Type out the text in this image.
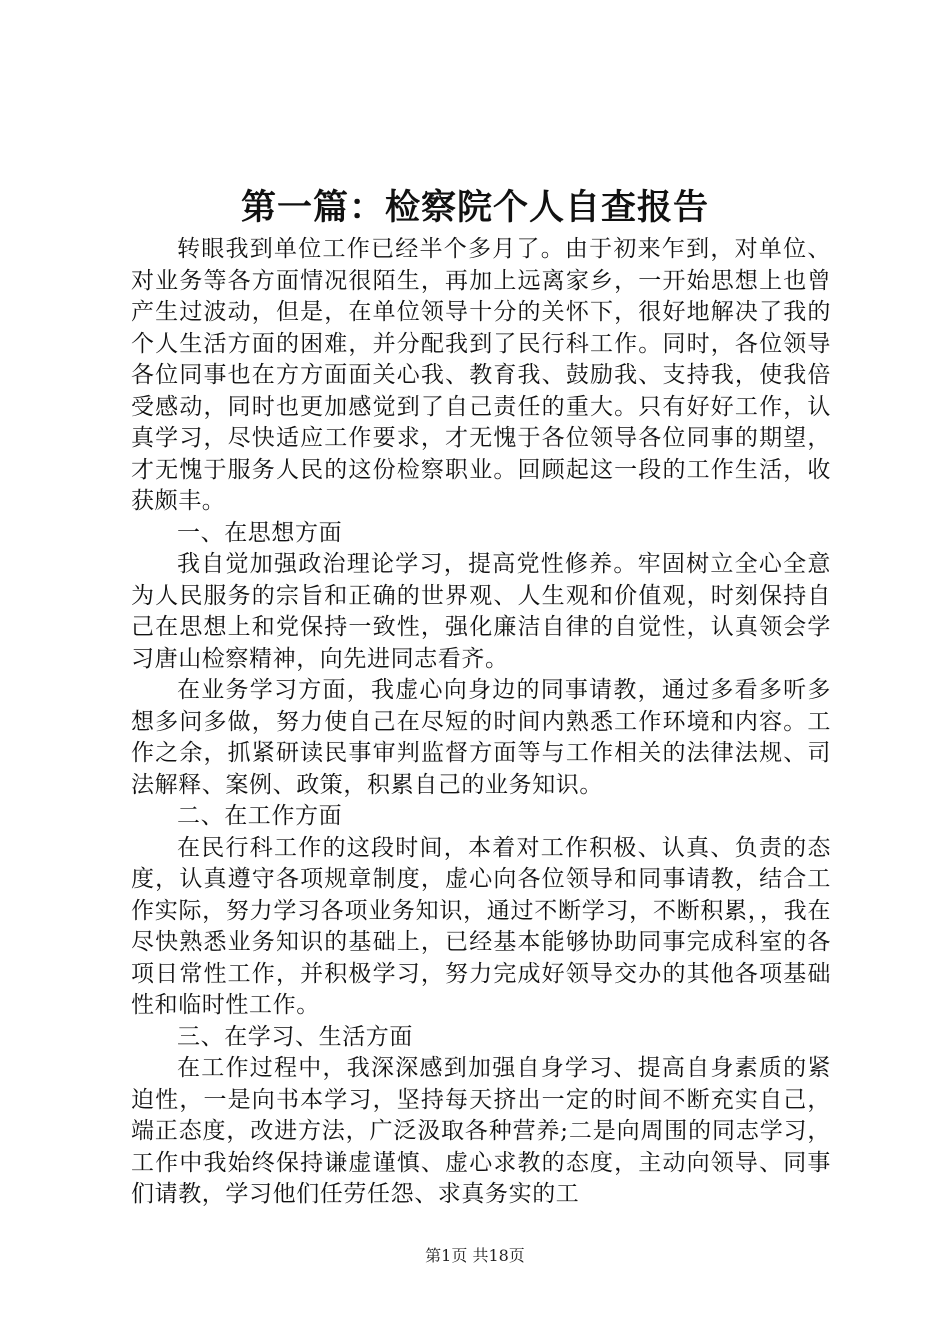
第一篇：检察院个人自查报告

转眼我到单位工作已经半个多月了。由于初来乍到，对单位、对业务等各方面情况很陌生，再加上远离家乡，一开始思想上也曾产生过波动，但是，在单位领导十分的关怀下，很好地解决了我的个人生活方面的困难，并分配我到了民行科工作。同时，各位领导各位同事也在方方面面关心我、教育我、鼓励我、支持我，使我倍受感动，同时也更加感觉到了自己责任的重大。只有好好工作，认真学习，尽快适应工作要求，才无愧于各位领导各位同事的期望，才无愧于服务人民的这份检察职业。回顾起这一段的工作生活，收获颇丰。

一、在思想方面

我自觉加强政治理论学习，提高党性修养。牢固树立全心全意为人民服务的宗旨和正确的世界观、人生观和价值观，时刻保持自己在思想上和党保持一致性，强化廉洁自律的自觉性，认真领会学习唐山检察精神，向先进同志看齐。

在业务学习方面，我虚心向身边的同事请教，通过多看多听多想多问多做，努力使自己在尽短的时间内熟悉工作环境和内容。工作之余，抓紧研读民事审判监督方面等与工作相关的法律法规、司法解释、案例、政策，积累自己的业务知识。

二、在工作方面

在民行科工作的这段时间，本着对工作积极、认真、负责的态度，认真遵守各项规章制度，虚心向各位领导和同事请教，结合工作实际，努力学习各项业务知识，通过不断学习，不断积累，，我在尽快熟悉业务知识的基础上，已经基本能够协助同事完成科室的各项日常性工作，并积极学习，努力完成好领导交办的其他各项基础性和临时性工作。

三、在学习、生活方面

在工作过程中，我深深感到加强自身学习、提高自身素质的紧迫性，一是向书本学习，坚持每天挤出一定的时间不断充实自己，端正态度，改进方法，广泛汲取各种营养;二是向周围的同志学习，工作中我始终保持谦虚谨慎、虚心求教的态度，主动向领导、同事们请教，学习他们任劳任怨、求真务实的工

第1页 共18页
